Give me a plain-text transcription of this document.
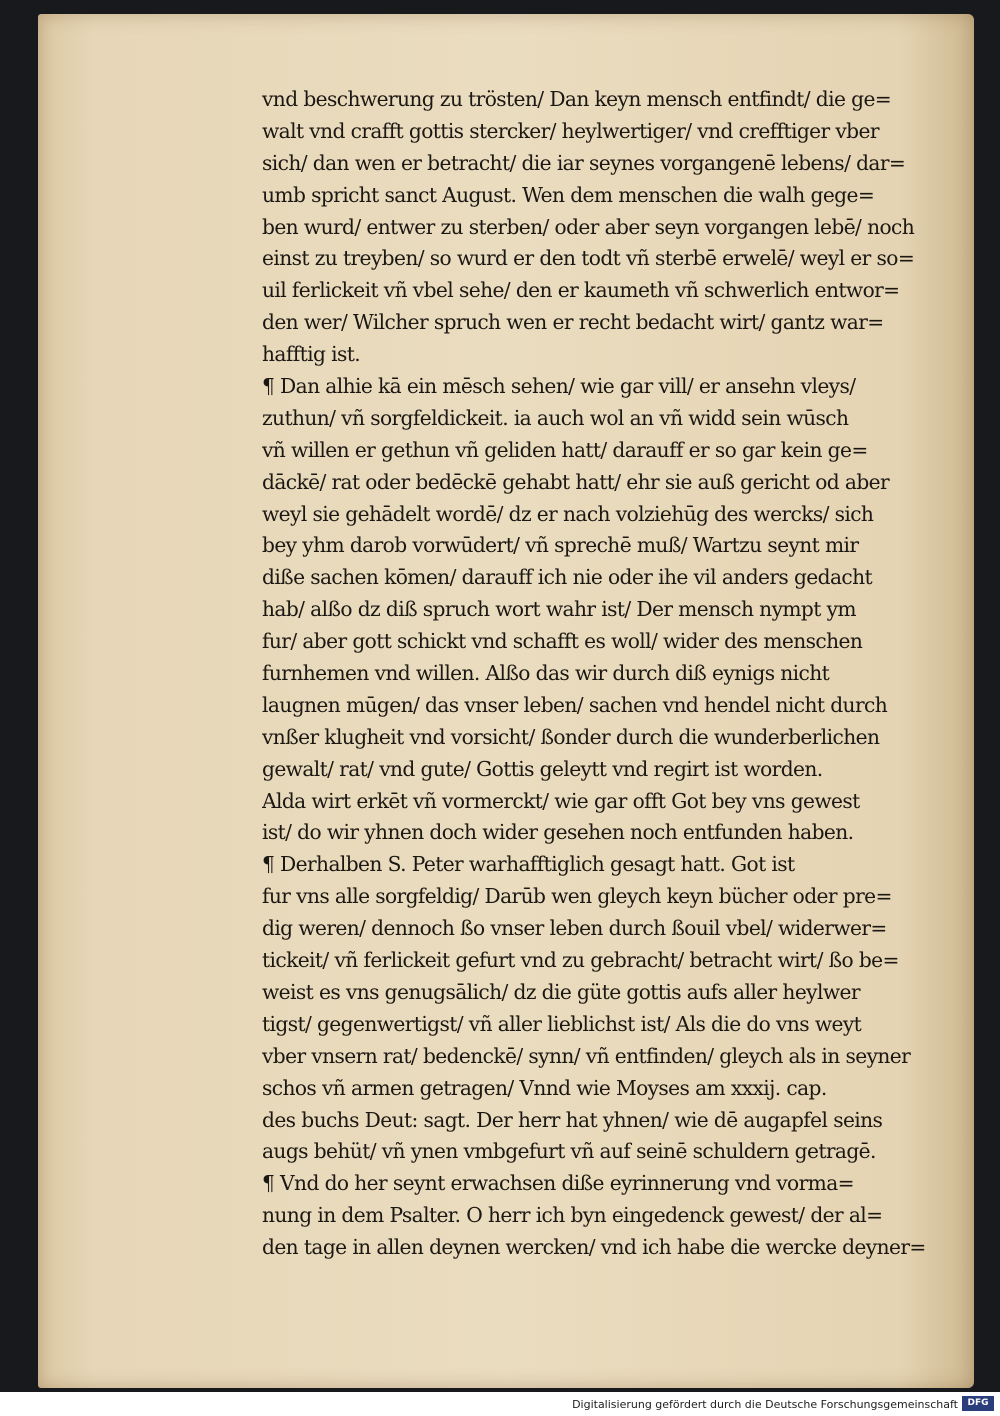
vnd beschwerung zu trösten/ Dan keyn mensch entfindt/ die ge=
walt vnd crafft gottis stercker/ heylwertiger/ vnd crefftiger vber
sich/ dan wen er betracht/ die iar seynes vorgangenē lebens/ dar=
umb spricht sanct August. Wen dem menschen die walh gege=
ben wurd/ entwer zu sterben/ oder aber seyn vorgangen lebē/ noch
einst zu treyben/ so wurd er den todt vñ sterbē erwelē/ weyl er so=
uil ferlickeit vñ vbel sehe/ den er kaumeth vñ schwerlich entwor=
den wer/ Wilcher spruch wen er recht bedacht wirt/ gantz war=
hafftig ist.
¶ Dan alhie kā ein mēsch sehen/ wie gar vill/ er ansehn vleys/
zuthun/ vñ sorgfeldickeit. ia auch wol an vñ widd sein wūsch
vñ willen er gethun vñ geliden hatt/ darauff er so gar kein ge=
dāckē/ rat oder bedēckē gehabt hatt/ ehr sie auß gericht od aber
weyl sie gehādelt wordē/ dz er nach volziehūg des wercks/ sich
bey yhm darob vorwūdert/ vñ sprechē muß/ Wartzu seynt mir
diße sachen kōmen/ darauff ich nie oder ihe vil anders gedacht
hab/ alßo dz diß spruch wort wahr ist/ Der mensch nympt ym
fur/ aber gott schickt vnd schafft es woll/ wider des menschen
furnhemen vnd willen. Alßo das wir durch diß eynigs nicht
laugnen mūgen/ das vnser leben/ sachen vnd hendel nicht durch
vnßer klugheit vnd vorsicht/ ßonder durch die wunderberlichen
gewalt/ rat/ vnd gute/ Gottis geleytt vnd regirt ist worden.
Alda wirt erkēt vñ vormerckt/ wie gar offt Got bey vns gewest
ist/ do wir yhnen doch wider gesehen noch entfunden haben.
¶ Derhalben S. Peter warhafftiglich gesagt hatt. Got ist
fur vns alle sorgfeldig/ Darūb wen gleych keyn bücher oder pre=
dig weren/ dennoch ßo vnser leben durch ßouil vbel/ widerwer=
tickeit/ vñ ferlickeit gefurt vnd zu gebracht/ betracht wirt/ ßo be=
weist es vns genugsālich/ dz die güte gottis aufs aller heylwer
tigst/ gegenwertigst/ vñ aller lieblichst ist/ Als die do vns weyt
vber vnsern rat/ bedenckē/ synn/ vñ entfinden/ gleych als in seyner
schos vñ armen getragen/ Vnnd wie Moyses am xxxij. cap.
des buchs Deut: sagt. Der herr hat yhnen/ wie dē augapfel seins
augs behüt/ vñ ynen vmbgefurt vñ auf seinē schuldern getragē.
¶ Vnd do her seynt erwachsen diße eyrinnerung vnd vorma=
nung in dem Psalter. O herr ich byn eingedenck gewest/ der al=
den tage in allen deynen wercken/ vnd ich habe die wercke deyner=
Digitalisierung gefördert durch die Deutsche Forschungsgemeinschaft	DFG
